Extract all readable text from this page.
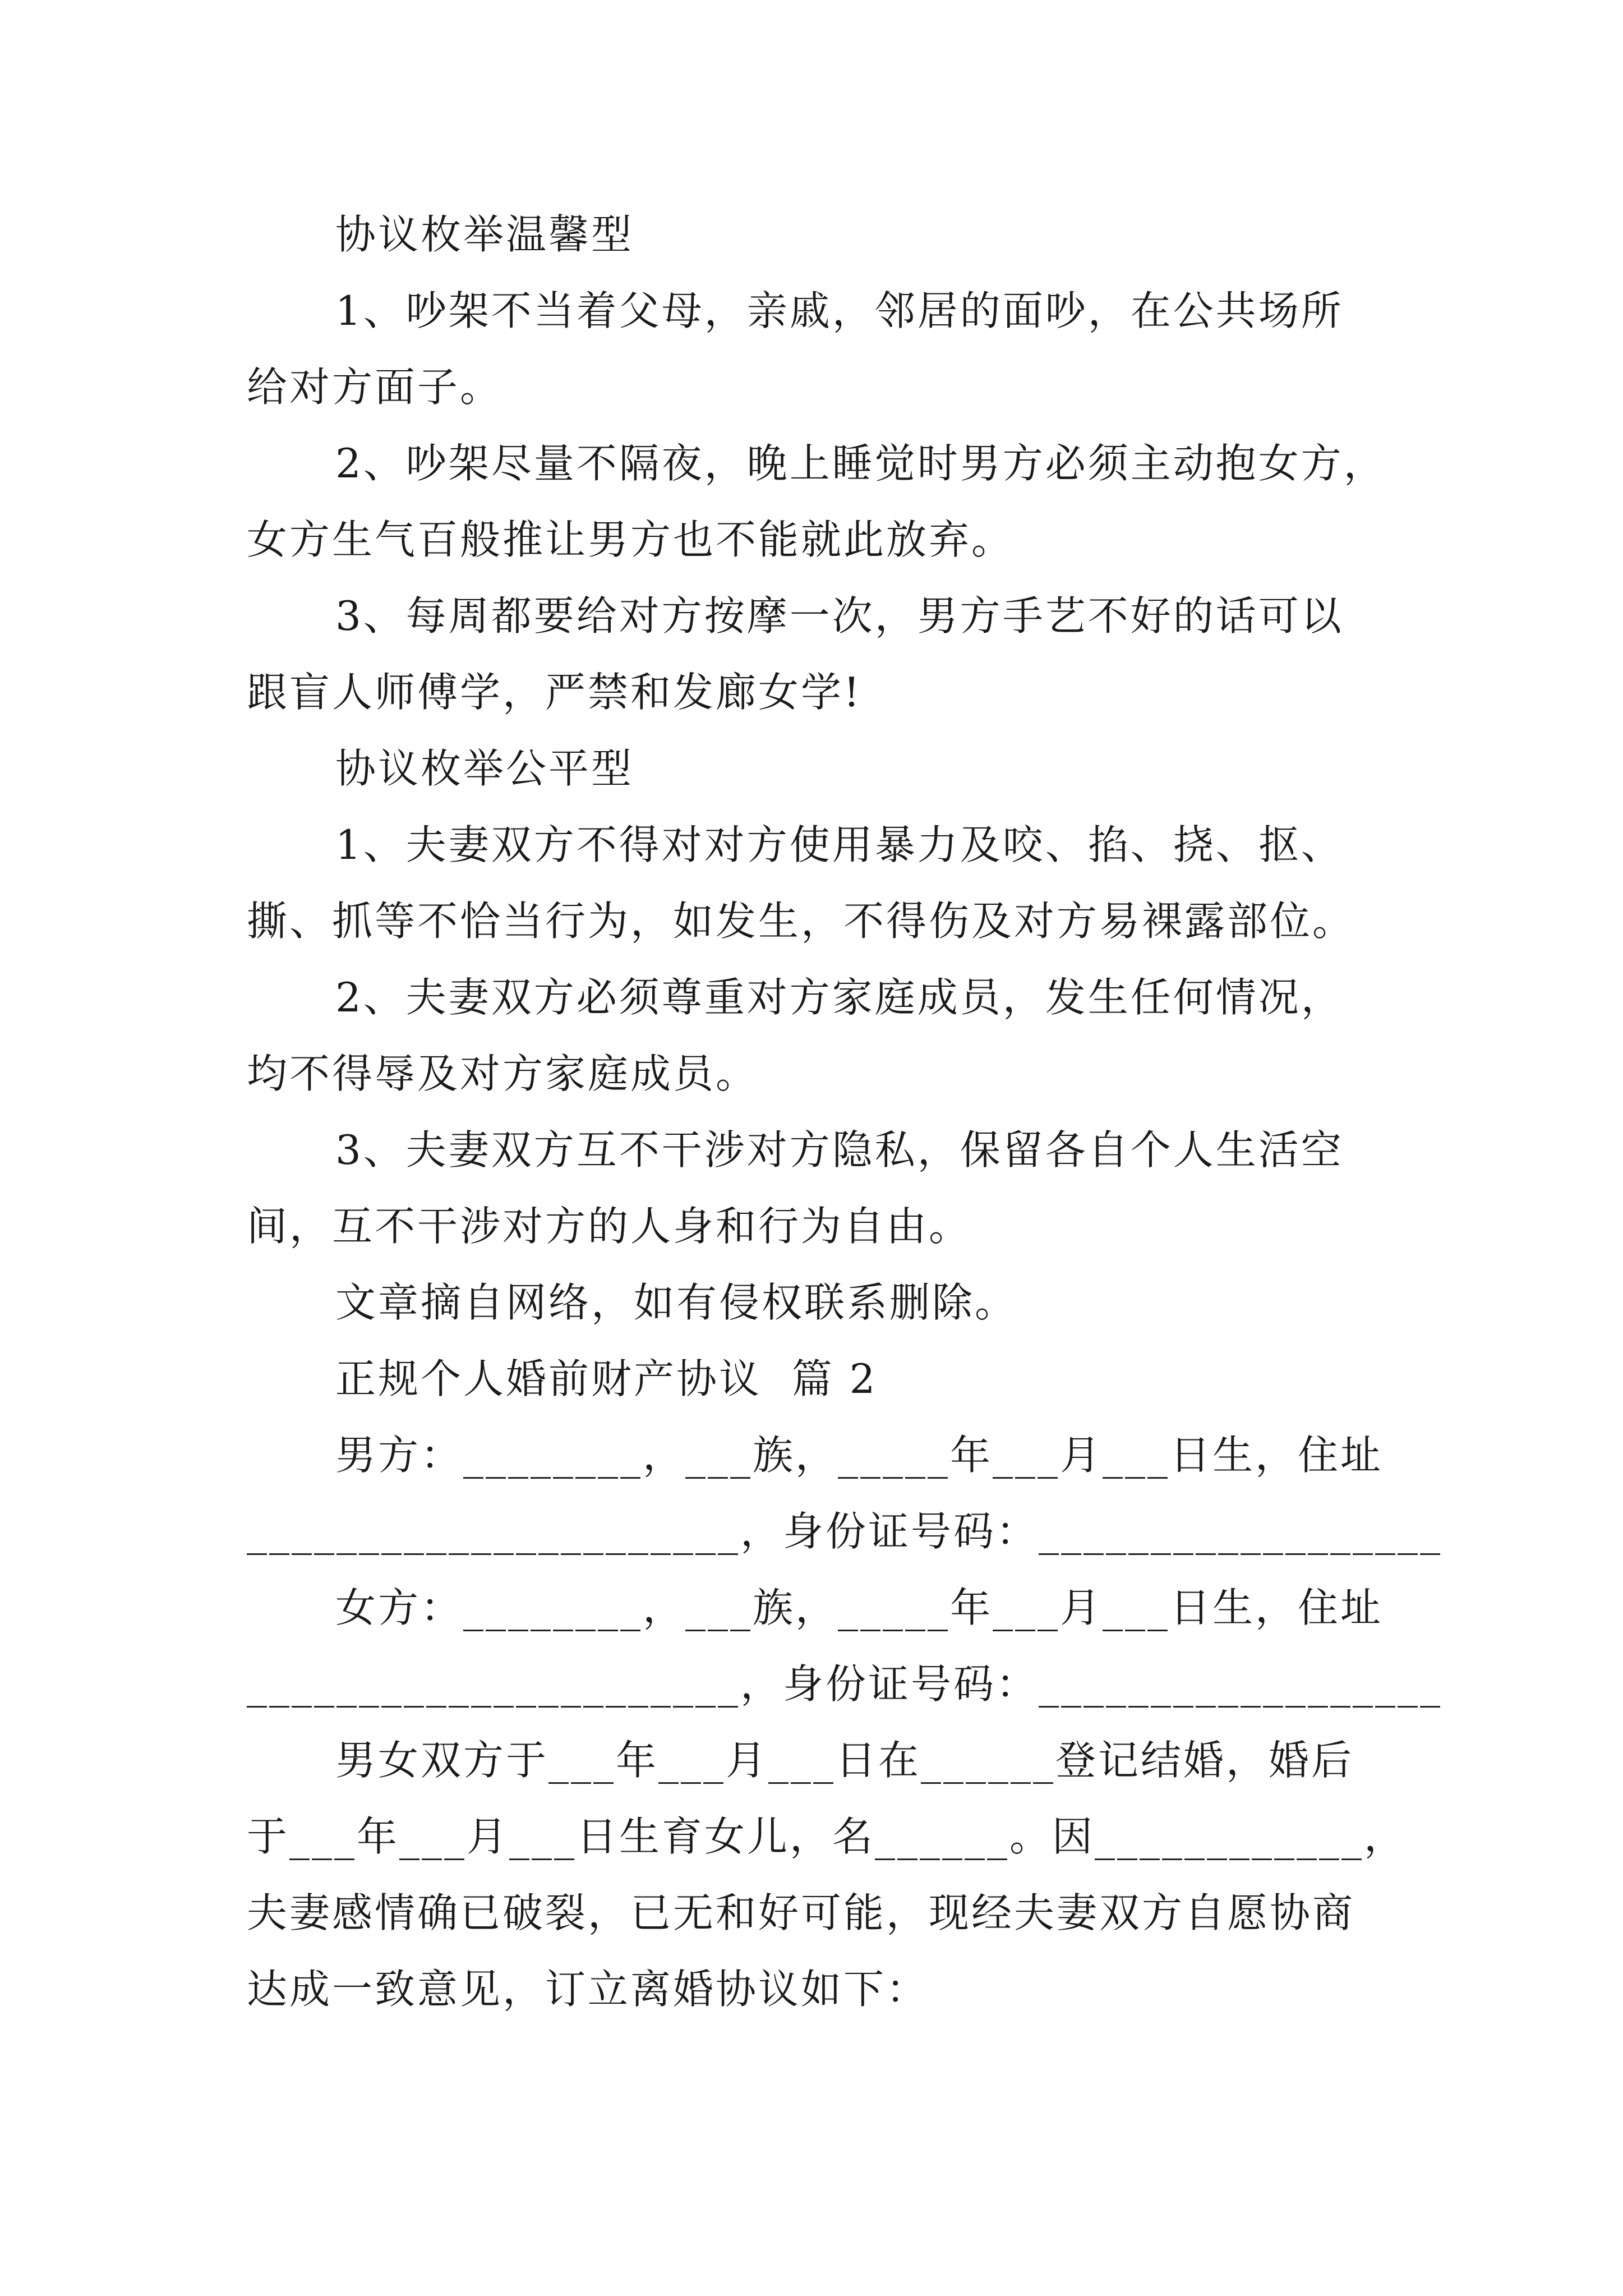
协议枚举温馨型
1、吵架不当着父母，亲戚，邻居的面吵，在公共场所
给对方面子。
2、吵架尽量不隔夜，晚上睡觉时男方必须主动抱女方，
女方生气百般推让男方也不能就此放弃。
3、每周都要给对方按摩一次，男方手艺不好的话可以
跟盲人师傅学，严禁和发廊女学!
协议枚举公平型
1、夫妻双方不得对对方使用暴力及咬、掐、挠、抠、
撕、抓等不恰当行为，如发生，不得伤及对方易裸露部位。
2、夫妻双方必须尊重对方家庭成员，发生任何情况，
均不得辱及对方家庭成员。
3、夫妻双方互不干涉对方隐私，保留各自个人生活空
间，互不干涉对方的人身和行为自由。
文章摘自网络，如有侵权联系删除。
正规个人婚前财产协议  篇 2
男方：________，___族，_____年___月___日生，住址
______________________，身份证号码：__________________
女方：________，___族，_____年___月___日生，住址
______________________，身份证号码：__________________
男女双方于___年___月___日在______登记结婚，婚后
于___年___月___日生育女儿，名______。因____________，
夫妻感情确已破裂，已无和好可能，现经夫妻双方自愿协商
达成一致意见，订立离婚协议如下：
